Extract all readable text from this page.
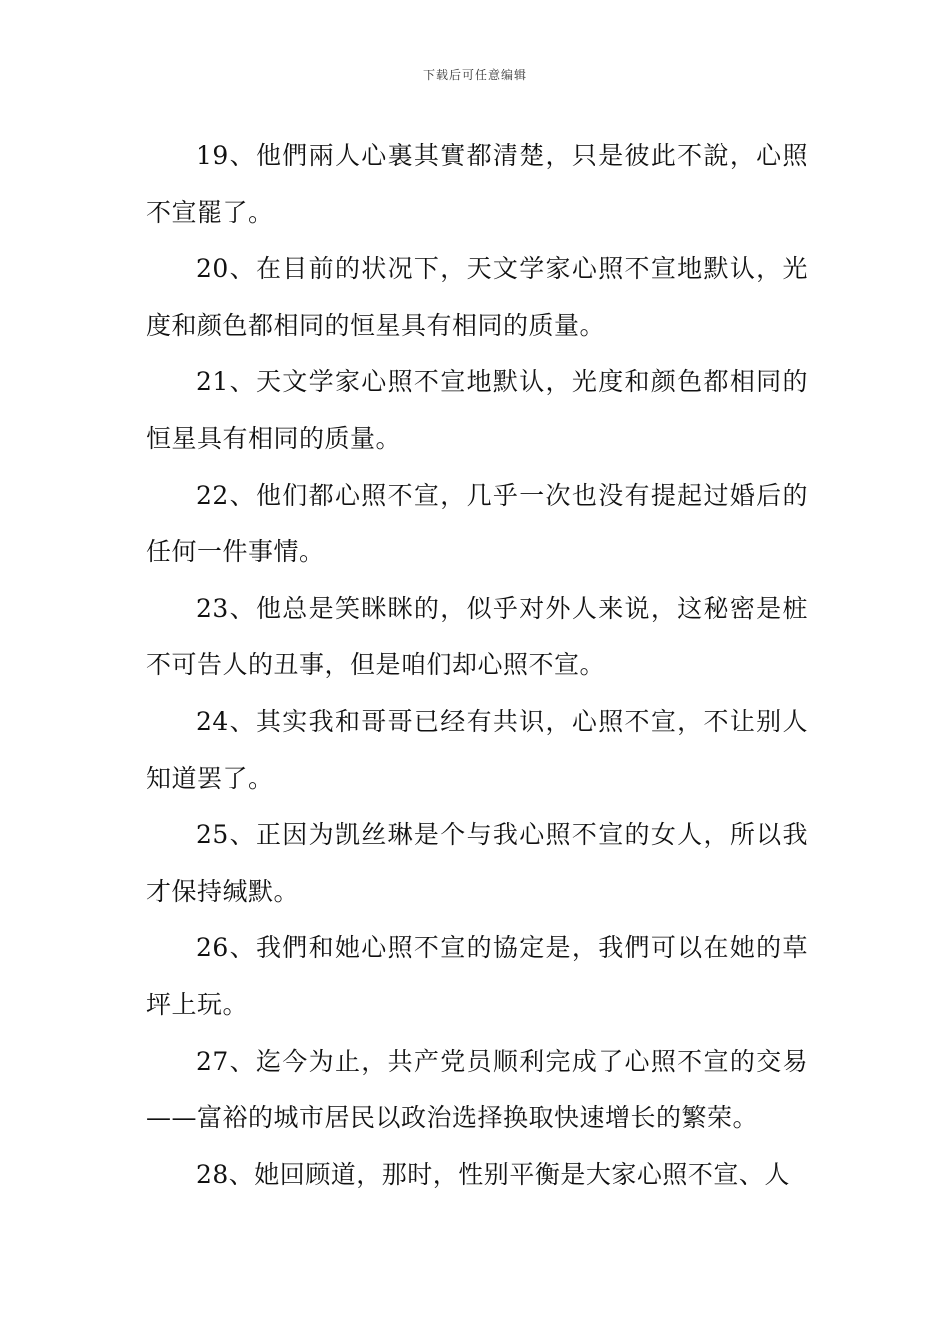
下载后可任意编辑

19、他們兩人心裏其實都清楚，只是彼此不說，心照不宣罷了。

20、在目前的状况下，天文学家心照不宣地默认，光度和颜色都相同的恒星具有相同的质量。

21、天文学家心照不宣地默认，光度和颜色都相同的恒星具有相同的质量。

22、他们都心照不宣，几乎一次也没有提起过婚后的任何一件事情。

23、他总是笑眯眯的，似乎对外人来说，这秘密是桩不可告人的丑事，但是咱们却心照不宣。

24、其实我和哥哥已经有共识，心照不宣，不让别人知道罢了。

25、正因为凯丝琳是个与我心照不宣的女人，所以我才保持缄默。

26、我們和她心照不宣的協定是，我們可以在她的草坪上玩。

27、迄今为止，共产党员顺利完成了心照不宣的交易——富裕的城市居民以政治选择换取快速增长的繁荣。

28、她回顾道，那时，性别平衡是大家心照不宣、人
